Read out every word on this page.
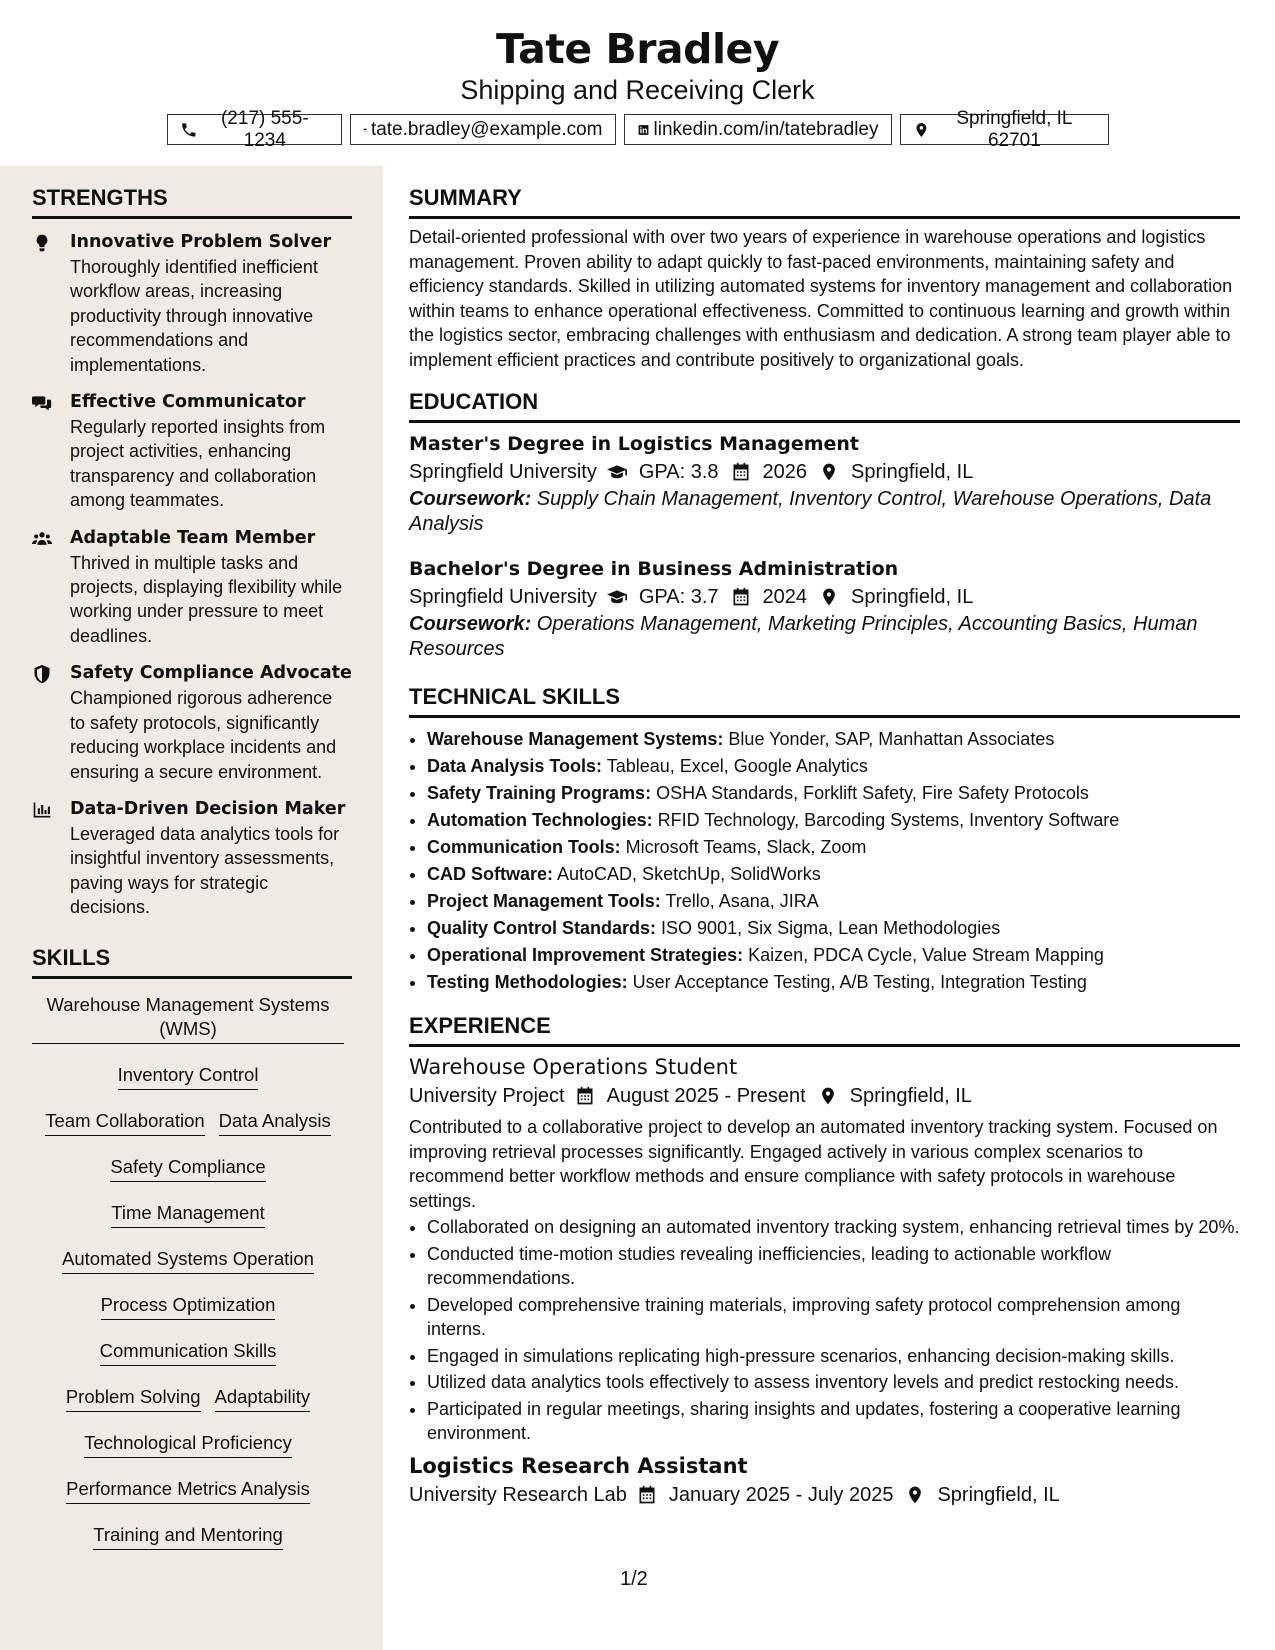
Tate Bradley
Shipping and Receiving Clerk
(217) 555-1234
tate.bradley@example.com	linkedin.com/in/tatebradley
Springfield, IL 62701
STRENGTHS
Innovative Problem Solver
Thoroughly identified inefficient workflow areas, increasing productivity through innovative recommendations and implementations.
Effective Communicator
Regularly reported insights from project activities, enhancing transparency and collaboration among teammates.
Adaptable Team Member
Thrived in multiple tasks and projects, displaying flexibility while working under pressure to meet deadlines.
Safety Compliance Advocate
Championed rigorous adherence to safety protocols, significantly reducing workplace incidents and ensuring a secure environment.
Data-Driven Decision Maker
Leveraged data analytics tools for insightful inventory assessments, paving ways for strategic decisions.
SKILLS
Warehouse Management Systems (WMS)
Inventory Control
Team Collaboration Data Analysis
Safety Compliance
Time Management
Automated Systems Operation
Process Optimization
Communication Skills
Problem Solving Adaptability
Technological Proficiency
Performance Metrics Analysis
Training and Mentoring
SUMMARY
Detail-oriented professional with over two years of experience in warehouse operations and logistics management. Proven ability to adapt quickly to fast-paced environments, maintaining safety and efficiency standards. Skilled in utilizing automated systems for inventory management and collaboration within teams to enhance operational effectiveness. Committed to continuous learning and growth within the logistics sector, embracing challenges with enthusiasm and dedication. A strong team player able to implement efficient practices and contribute positively to organizational goals.
EDUCATION
Master's Degree in Logistics Management
Springfield University GPA: 3.8 2026 Springfield, IL
Coursework: Supply Chain Management, Inventory Control, Warehouse Operations, Data Analysis
Bachelor's Degree in Business Administration
Springfield University GPA: 3.7 2024 Springfield, IL
Coursework: Operations Management, Marketing Principles, Accounting Basics, Human Resources
TECHNICAL SKILLS
• Warehouse Management Systems: Blue Yonder, SAP, Manhattan Associates
• Data Analysis Tools: Tableau, Excel, Google Analytics
• Safety Training Programs: OSHA Standards, Forklift Safety, Fire Safety Protocols
• Automation Technologies: RFID Technology, Barcoding Systems, Inventory Software
• Communication Tools: Microsoft Teams, Slack, Zoom
• CAD Software: AutoCAD, SketchUp, SolidWorks
• Project Management Tools: Trello, Asana, JIRA
• Quality Control Standards: ISO 9001, Six Sigma, Lean Methodologies
• Operational Improvement Strategies: Kaizen, PDCA Cycle, Value Stream Mapping
• Testing Methodologies: User Acceptance Testing, A/B Testing, Integration Testing
EXPERIENCE
Warehouse Operations Student
University Project August 2025 - Present Springfield, IL
Contributed to a collaborative project to develop an automated inventory tracking system. Focused on improving retrieval processes significantly. Engaged actively in various complex scenarios to recommend better workflow methods and ensure compliance with safety protocols in warehouse settings.
• Collaborated on designing an automated inventory tracking system, enhancing retrieval times by 20%.
• Conducted time-motion studies revealing inefficiencies, leading to actionable workflow recommendations.
• Developed comprehensive training materials, improving safety protocol comprehension among interns.
• Engaged in simulations replicating high-pressure scenarios, enhancing decision-making skills.
• Utilized data analytics tools effectively to assess inventory levels and predict restocking needs.
• Participated in regular meetings, sharing insights and updates, fostering a cooperative learning environment.
Logistics Research Assistant
University Research Lab January 2025 - July 2025 Springfield, IL
1/2
